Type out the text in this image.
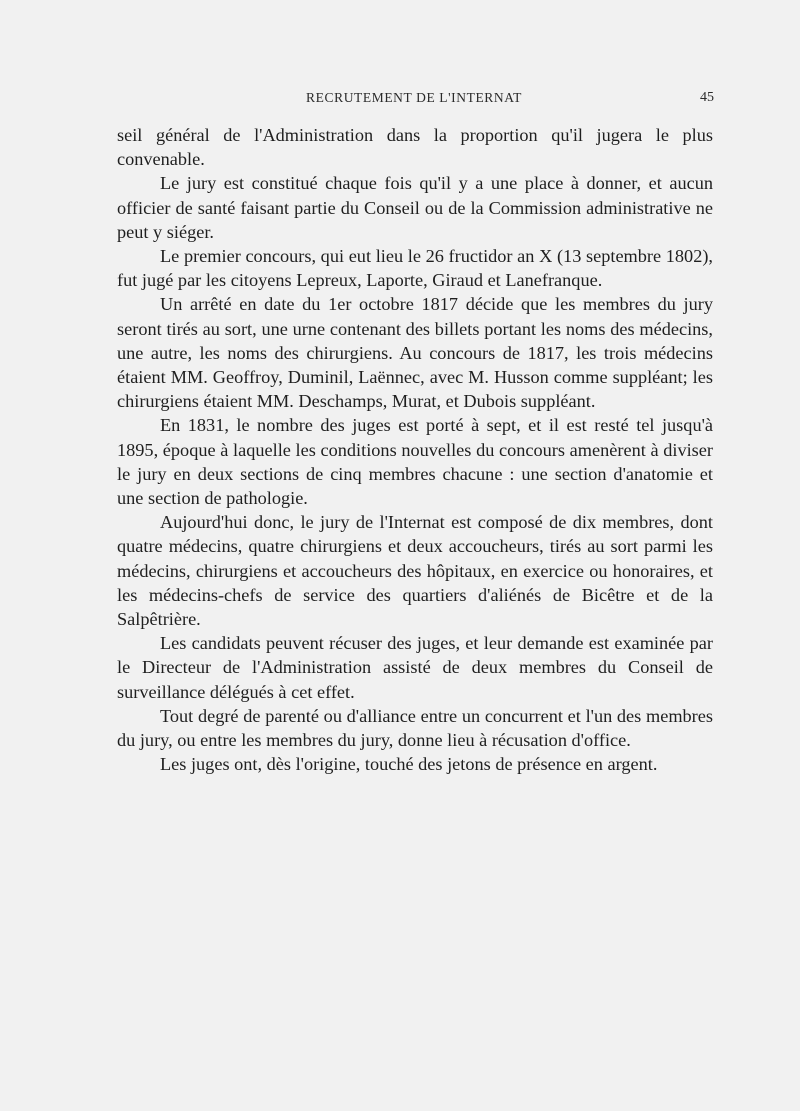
RECRUTEMENT DE L'INTERNAT	45

seil général de l'Administration dans la proportion qu'il jugera le plus convenable.

Le jury est constitué chaque fois qu'il y a une place à donner, et aucun officier de santé faisant partie du Conseil ou de la Commission administrative ne peut y siéger.

Le premier concours, qui eut lieu le 26 fructidor an X (13 septembre 1802), fut jugé par les citoyens Lepreux, Laporte, Giraud et Lanefranque.

Un arrêté en date du 1er octobre 1817 décide que les membres du jury seront tirés au sort, une urne contenant des billets portant les noms des médecins, une autre, les noms des chirurgiens. Au concours de 1817, les trois médecins étaient MM. Geoffroy, Duminil, Laënnec, avec M. Husson comme suppléant; les chirurgiens étaient MM. Deschamps, Murat, et Dubois suppléant.

En 1831, le nombre des juges est porté à sept, et il est resté tel jusqu'à 1895, époque à laquelle les conditions nouvelles du concours amenèrent à diviser le jury en deux sections de cinq membres chacune : une section d'anatomie et une section de pathologie.

Aujourd'hui donc, le jury de l'Internat est composé de dix membres, dont quatre médecins, quatre chirurgiens et deux accoucheurs, tirés au sort parmi les médecins, chirurgiens et accoucheurs des hôpitaux, en exercice ou honoraires, et les médecins-chefs de service des quartiers d'aliénés de Bicêtre et de la Salpêtrière.

Les candidats peuvent récuser des juges, et leur demande est examinée par le Directeur de l'Administration assisté de deux membres du Conseil de surveillance délégués à cet effet.

Tout degré de parenté ou d'alliance entre un concurrent et l'un des membres du jury, ou entre les membres du jury, donne lieu à récusation d'office.

Les juges ont, dès l'origine, touché des jetons de présence en argent.
